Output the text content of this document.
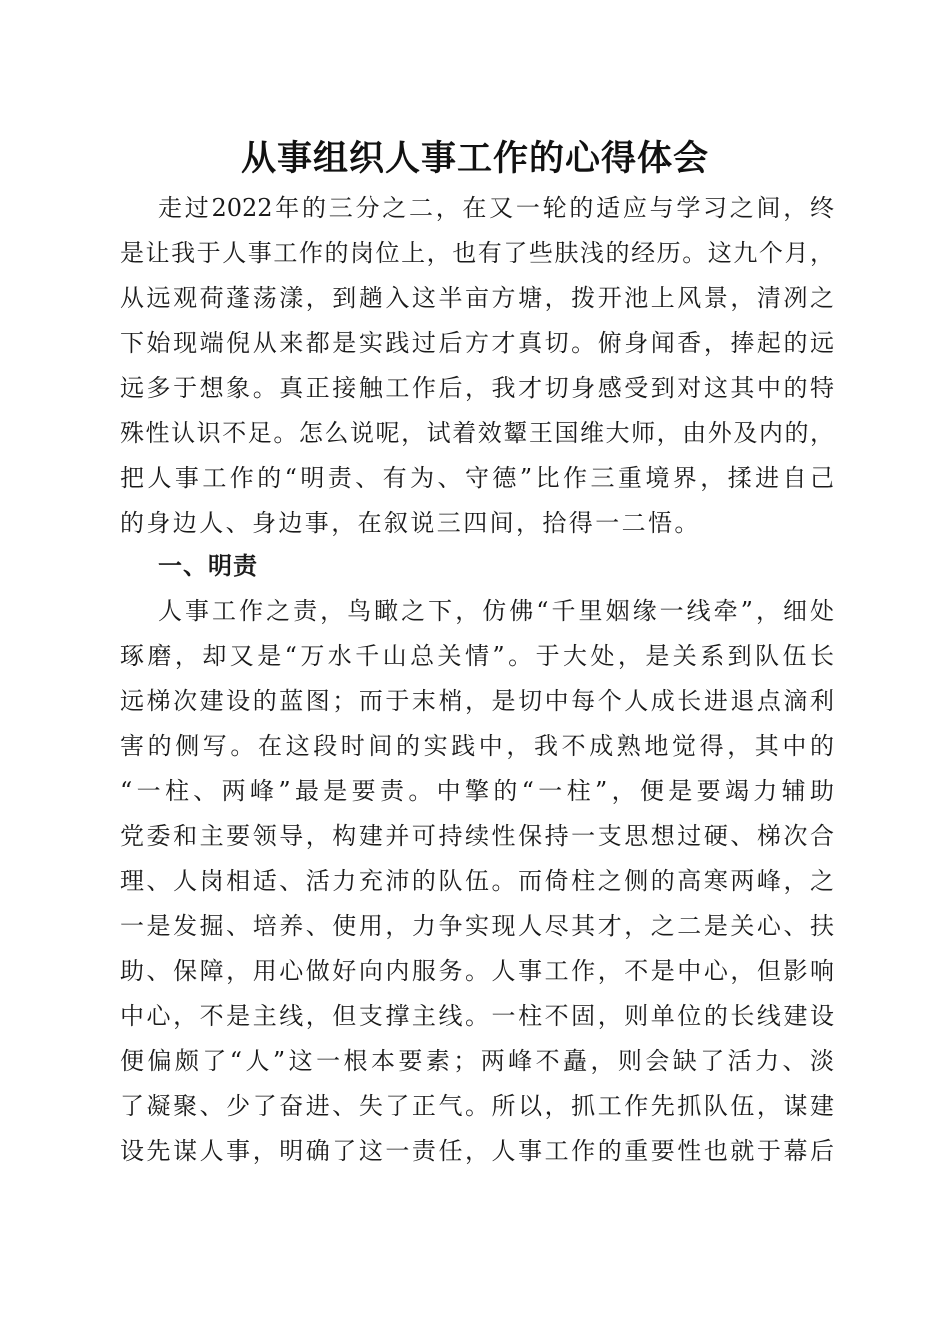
从事组织人事工作的心得体会
走过2022年的三分之二，在又一轮的适应与学习之间，终
是让我于人事工作的岗位上，也有了些肤浅的经历。这九个月，
从远观荷蓬荡漾，到趟入这半亩方塘，拨开池上风景，清冽之
下始现端倪从来都是实践过后方才真切。俯身闻香，捧起的远
远多于想象。真正接触工作后，我才切身感受到对这其中的特
殊性认识不足。怎么说呢，试着效颦王国维大师，由外及内的，
把人事工作的“明责、有为、守德”比作三重境界，揉进自己
的身边人、身边事，在叙说三四间，拾得一二悟。
一、明责
人事工作之责，鸟瞰之下，仿佛“千里姻缘一线牵”，细处
琢磨，却又是“万水千山总关情”。于大处，是关系到队伍长
远梯次建设的蓝图；而于末梢，是切中每个人成长进退点滴利
害的侧写。在这段时间的实践中，我不成熟地觉得，其中的
“一柱、两峰”最是要责。中擎的“一柱”，便是要竭力辅助
党委和主要领导，构建并可持续性保持一支思想过硬、梯次合
理、人岗相适、活力充沛的队伍。而倚柱之侧的高寒两峰，之
一是发掘、培养、使用，力争实现人尽其才，之二是关心、扶
助、保障，用心做好向内服务。人事工作，不是中心，但影响
中心，不是主线，但支撑主线。一柱不固，则单位的长线建设
便偏颇了“人”这一根本要素；两峰不矗，则会缺了活力、淡
了凝聚、少了奋进、失了正气。所以，抓工作先抓队伍，谋建
设先谋人事，明确了这一责任，人事工作的重要性也就于幕后
